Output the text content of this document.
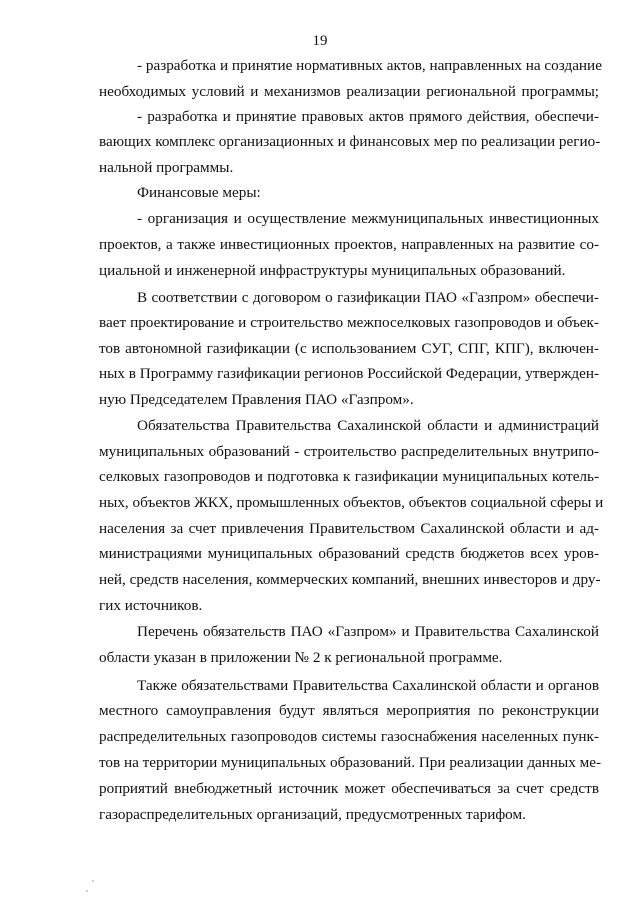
19
- разработка и принятие нормативных актов, направленных на создание
необходимых условий и механизмов реализации региональной программы;
- разработка и принятие правовых актов прямого действия, обеспечи-
вающих комплекс организационных и финансовых мер по реализации регио-
нальной программы.
Финансовые меры:
- организация и осуществление межмуниципальных инвестиционных
проектов, а также инвестиционных проектов, направленных на развитие со-
циальной и инженерной инфраструктуры муниципальных образований.
В соответствии с договором о газификации ПАО «Газпром» обеспечи-
вает проектирование и строительство межпоселковых газопроводов и объек-
тов автономной газификации (с использованием СУГ, СПГ, КПГ), включен-
ных в Программу газификации регионов Российской Федерации, утвержден-
ную Председателем Правления ПАО «Газпром».
Обязательства Правительства Сахалинской области и администраций
муниципальных образований - строительство распределительных внутрипо-
селковых газопроводов и подготовка к газификации муниципальных котель-
ных, объектов ЖКХ, промышленных объектов, объектов социальной сферы и
населения за счет привлечения Правительством Сахалинской области и ад-
министрациями муниципальных образований средств бюджетов всех уров-
ней, средств населения, коммерческих компаний, внешних инвесторов и дру-
гих источников.
Перечень обязательств ПАО «Газпром» и Правительства Сахалинской
области указан в приложении № 2 к региональной программе.
Также обязательствами Правительства Сахалинской области и органов
местного самоуправления будут являться мероприятия по реконструкции
распределительных газопроводов системы газоснабжения населенных пунк-
тов на территории муниципальных образований. При реализации данных ме-
роприятий внебюджетный источник может обеспечиваться за счет средств
газораспределительных организаций, предусмотренных тарифом.
